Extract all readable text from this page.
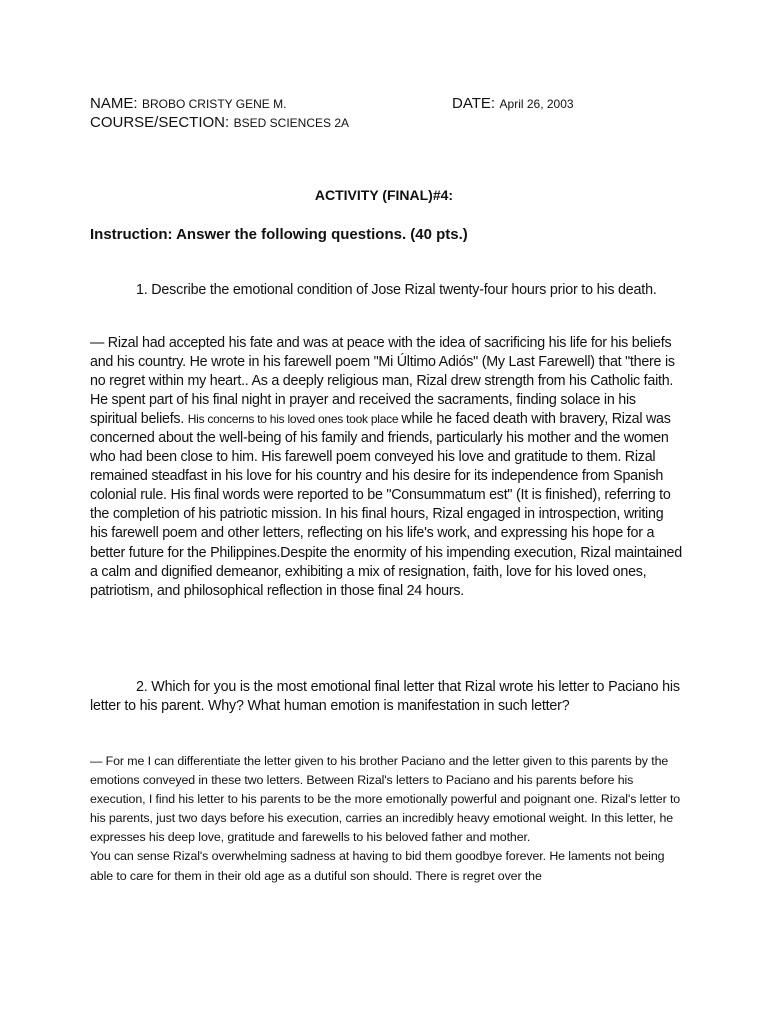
NAME: BROBO CRISTY GENE M.	DATE: April 26, 2003
COURSE/SECTION: BSED SCIENCES 2A
ACTIVITY (FINAL)#4:
Instruction: Answer the following questions. (40 pts.)
1. Describe the emotional condition of Jose Rizal twenty-four hours prior to his death.
— Rizal had accepted his fate and was at peace with the idea of sacrificing his life for his beliefs and his country. He wrote in his farewell poem "Mi Último Adiós" (My Last Farewell) that "there is no regret within my heart.. As a deeply religious man, Rizal drew strength from his Catholic faith. He spent part of his final night in prayer and received the sacraments, finding solace in his spiritual beliefs. His concerns to his loved ones took place while he faced death with bravery, Rizal was concerned about the well-being of his family and friends, particularly his mother and the women who had been close to him. His farewell poem conveyed his love and gratitude to them. Rizal remained steadfast in his love for his country and his desire for its independence from Spanish colonial rule. His final words were reported to be "Consummatum est" (It is finished), referring to the completion of his patriotic mission. In his final hours, Rizal engaged in introspection, writing his farewell poem and other letters, reflecting on his life's work, and expressing his hope for a better future for the Philippines.Despite the enormity of his impending execution, Rizal maintained a calm and dignified demeanor, exhibiting a mix of resignation, faith, love for his loved ones, patriotism, and philosophical reflection in those final 24 hours.
2. Which for you is the most emotional final letter that Rizal wrote his letter to Paciano his letter to his parent. Why? What human emotion is manifestation in such letter?
— For me I can differentiate the letter given to his brother Paciano and the letter given to this parents by the emotions conveyed in these two letters. Between Rizal's letters to Paciano and his parents before his execution, I find his letter to his parents to be the more emotionally powerful and poignant one. Rizal's letter to his parents, just two days before his execution, carries an incredibly heavy emotional weight. In this letter, he expresses his deep love, gratitude and farewells to his beloved father and mother.
You can sense Rizal's overwhelming sadness at having to bid them goodbye forever. He laments not being able to care for them in their old age as a dutiful son should. There is regret over the
